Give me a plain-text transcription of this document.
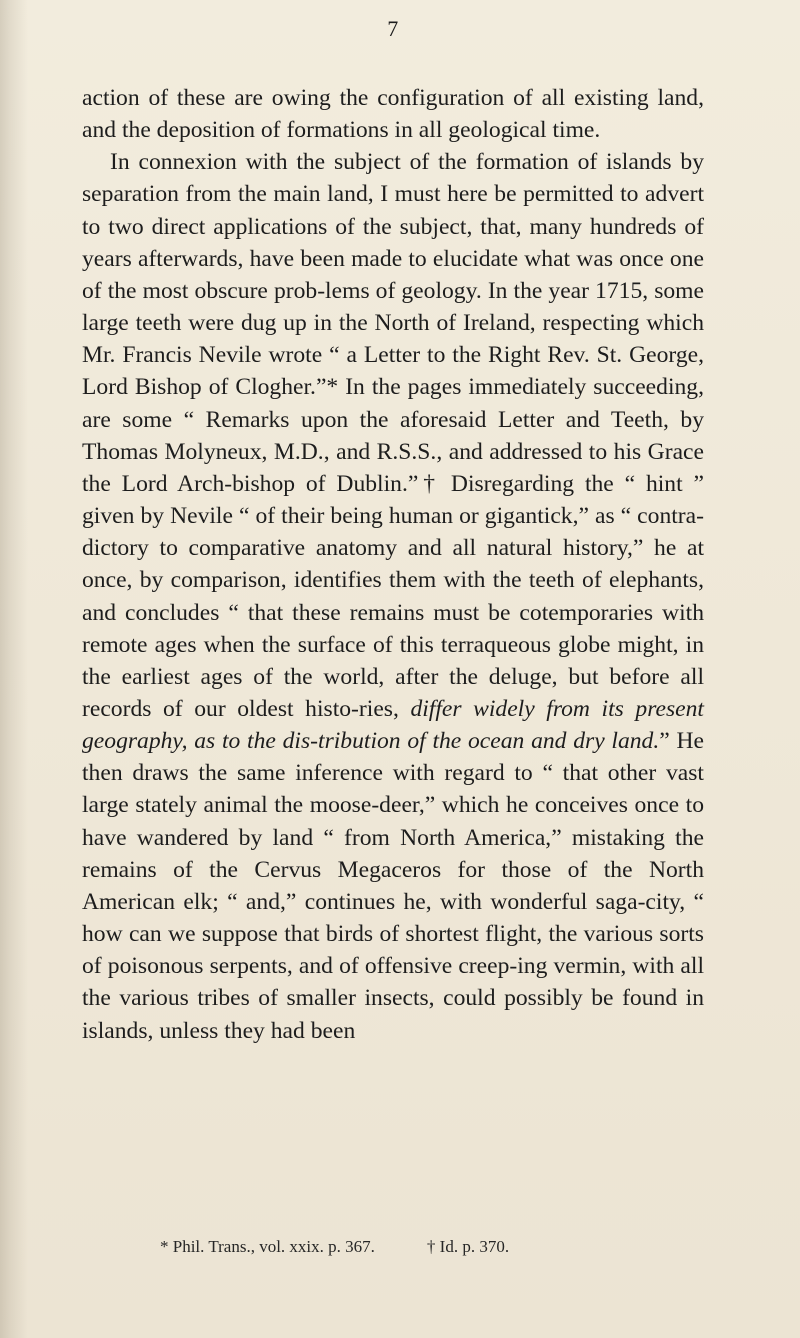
7

action of these are owing the configuration of all existing land, and the deposition of formations in all geological time.

In connexion with the subject of the formation of islands by separation from the main land, I must here be permitted to advert to two direct applications of the subject, that, many hundreds of years afterwards, have been made to elucidate what was once one of the most obscure prob-lems of geology. In the year 1715, some large teeth were dug up in the North of Ireland, respecting which Mr. Francis Nevile wrote “ a Letter to the Right Rev. St. George, Lord Bishop of Clogher.”* In the pages immediately succeeding, are some “ Remarks upon the aforesaid Letter and Teeth, by Thomas Molyneux, M.D., and R.S.S., and addressed to his Grace the Lord Arch-bishop of Dublin.”† Disregarding the “ hint ” given by Nevile “ of their being human or gigantick,” as “ contra-dictory to comparative anatomy and all natural history,” he at once, by comparison, identifies them with the teeth of elephants, and concludes “ that these remains must be cotemporaries with remote ages when the surface of this terraqueous globe might, in the earliest ages of the world, after the deluge, but before all records of our oldest histo-ries, differ widely from its present geography, as to the dis-tribution of the ocean and dry land.” He then draws the same inference with regard to “ that other vast large stately animal the moose-deer,” which he conceives once to have wandered by land “ from North America,” mistaking the remains of the Cervus Megaceros for those of the North American elk; “ and,” continues he, with wonderful saga-city, “ how can we suppose that birds of shortest flight, the various sorts of poisonous serpents, and of offensive creep-ing vermin, with all the various tribes of smaller insects, could possibly be found in islands, unless they had been

* Phil. Trans., vol. xxix. p. 367.	† Id. p. 370.
